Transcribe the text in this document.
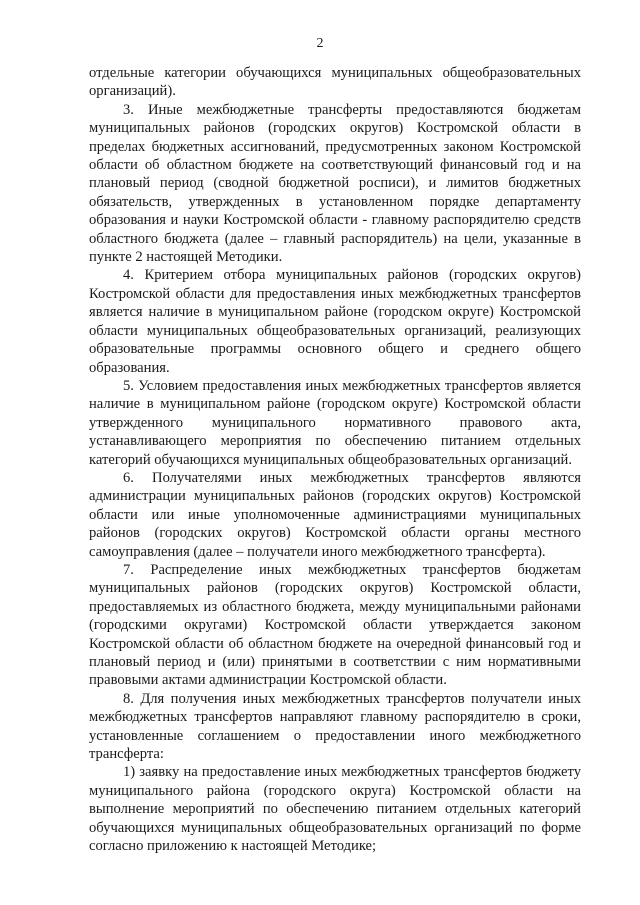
2

отдельные категории обучающихся муниципальных общеобразовательных организаций).

3. Иные межбюджетные трансферты предоставляются бюджетам муниципальных районов (городских округов) Костромской области в пределах бюджетных ассигнований, предусмотренных законом Костромской области об областном бюджете на соответствующий финансовый год и на плановый период (сводной бюджетной росписи), и лимитов бюджетных обязательств, утвержденных в установленном порядке департаменту образования и науки Костромской области - главному распорядителю средств областного бюджета (далее – главный распорядитель) на цели, указанные в пункте 2 настоящей Методики.

4. Критерием отбора муниципальных районов (городских округов) Костромской области для предоставления иных межбюджетных трансфертов является наличие в муниципальном районе (городском округе) Костромской области муниципальных общеобразовательных организаций, реализующих образовательные программы основного общего и среднего общего образования.

5. Условием предоставления иных межбюджетных трансфертов является наличие в муниципальном районе (городском округе) Костромской области утвержденного муниципального нормативного правового акта, устанавливающего мероприятия по обеспечению питанием отдельных категорий обучающихся муниципальных общеобразовательных организаций.

6. Получателями иных межбюджетных трансфертов являются администрации муниципальных районов (городских округов) Костромской области или иные уполномоченные администрациями муниципальных районов (городских округов) Костромской области органы местного самоуправления (далее – получатели иного межбюджетного трансферта).

7. Распределение иных межбюджетных трансфертов бюджетам муниципальных районов (городских округов) Костромской области, предоставляемых из областного бюджета, между муниципальными районами (городскими округами) Костромской области утверждается законом Костромской области об областном бюджете на очередной финансовый год и плановый период и (или) принятыми в соответствии с ним нормативными правовыми актами администрации Костромской области.

8. Для получения иных межбюджетных трансфертов получатели иных межбюджетных трансфертов направляют главному распорядителю в сроки, установленные соглашением о предоставлении иного межбюджетного трансферта:

1) заявку на предоставление иных межбюджетных трансфертов бюджету муниципального района (городского округа) Костромской области на выполнение мероприятий по обеспечению питанием отдельных категорий обучающихся муниципальных общеобразовательных организаций по форме согласно приложению к настоящей Методике;
